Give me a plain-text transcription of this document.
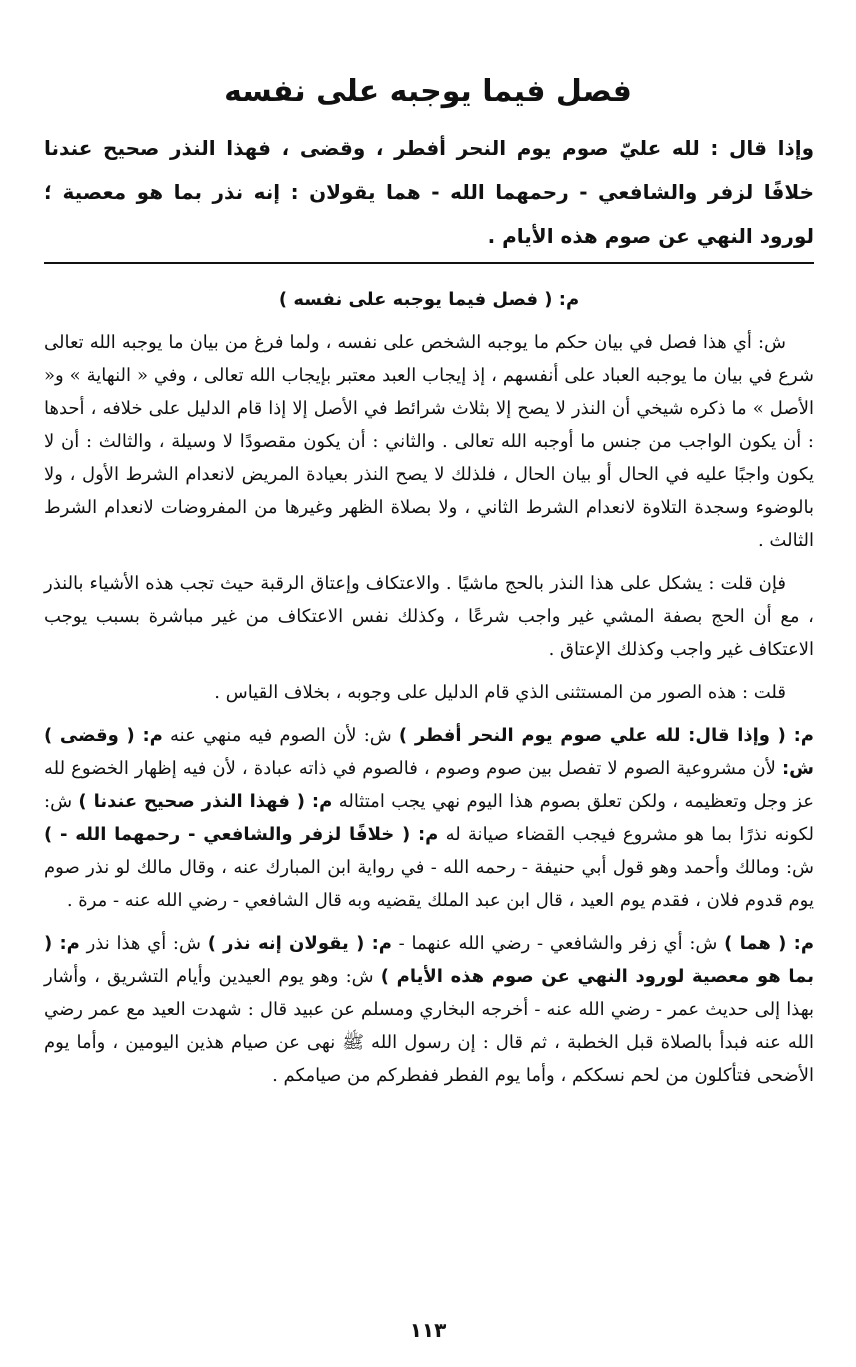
فصل فيما يوجبه على نفسه

وإذا قال : لله عليّ صوم يوم النحر أفطر ، وقضى ، فهذا النذر صحيح عندنا خلافًا لزفر والشافعي - رحمهما الله - هما يقولان : إنه نذر بما هو معصية ؛ لورود النهي عن صوم هذه الأيام .

م: ( فصل فيما يوجبه على نفسه )

ش: أي هذا فصل في بيان حكم ما يوجبه الشخص على نفسه ، ولما فرغ من بيان ما يوجبه الله تعالى شرع في بيان ما يوجبه العباد على أنفسهم ، إذ إيجاب العبد معتبر بإيجاب الله تعالى ، وفي « النهاية » و« الأصل » ما ذكره شيخي أن النذر لا يصح إلا بثلاث شرائط في الأصل إلا إذا قام الدليل على خلافه ، أحدها : أن يكون الواجب من جنس ما أوجبه الله تعالى . والثاني : أن يكون مقصودًا لا وسيلة ، والثالث : أن لا يكون واجبًا عليه في الحال أو بيان الحال ، فلذلك لا يصح النذر بعيادة المريض لانعدام الشرط الأول ، ولا بالوضوء وسجدة التلاوة لانعدام الشرط الثاني ، ولا بصلاة الظهر وغيرها من المفروضات لانعدام الشرط الثالث .

فإن قلت : يشكل على هذا النذر بالحج ماشيًا . والاعتكاف وإعتاق الرقبة حيث تجب هذه الأشياء بالنذر ، مع أن الحج بصفة المشي غير واجب شرعًا ، وكذلك نفس الاعتكاف من غير مباشرة بسبب يوجب الاعتكاف غير واجب وكذلك الإعتاق .

قلت : هذه الصور من المستثنى الذي قام الدليل على وجوبه ، بخلاف القياس .

م: ( وإذا قال: لله علي صوم يوم النحر أفطر ) ش: لأن الصوم فيه منهي عنه م: ( وقضى ) ش: لأن مشروعية الصوم لا تفصل بين صوم وصوم ، فالصوم في ذاته عبادة ، لأن فيه إظهار الخضوع لله عز وجل وتعظيمه ، ولكن تعلق بصوم هذا اليوم نهي يجب امتثاله م: ( فهذا النذر صحيح عندنا ) ش: لكونه نذرًا بما هو مشروع فيجب القضاء صيانة له م: ( خلافًا لزفر والشافعي - رحمهما الله - ) ش: ومالك وأحمد وهو قول أبي حنيفة - رحمه الله - في رواية ابن المبارك عنه ، وقال مالك لو نذر صوم يوم قدوم فلان ، فقدم يوم العيد ، قال ابن عبد الملك يقضيه وبه قال الشافعي - رضي الله عنه - مرة .

م: ( هما ) ش: أي زفر والشافعي - رضي الله عنهما - م: ( يقولان إنه نذر ) ش: أي هذا نذر م: ( بما هو معصية لورود النهي عن صوم هذه الأيام ) ش: وهو يوم العيدين وأيام التشريق ، وأشار بهذا إلى حديث عمر - رضي الله عنه - أخرجه البخاري ومسلم عن عبيد قال : شهدت العيد مع عمر رضي الله عنه فبدأ بالصلاة قبل الخطبة ، ثم قال : إن رسول الله ﷺ نهى عن صيام هذين اليومين ، وأما يوم الأضحى فتأكلون من لحم نسككم ، وأما يوم الفطر ففطركم من صيامكم .

١١٣
